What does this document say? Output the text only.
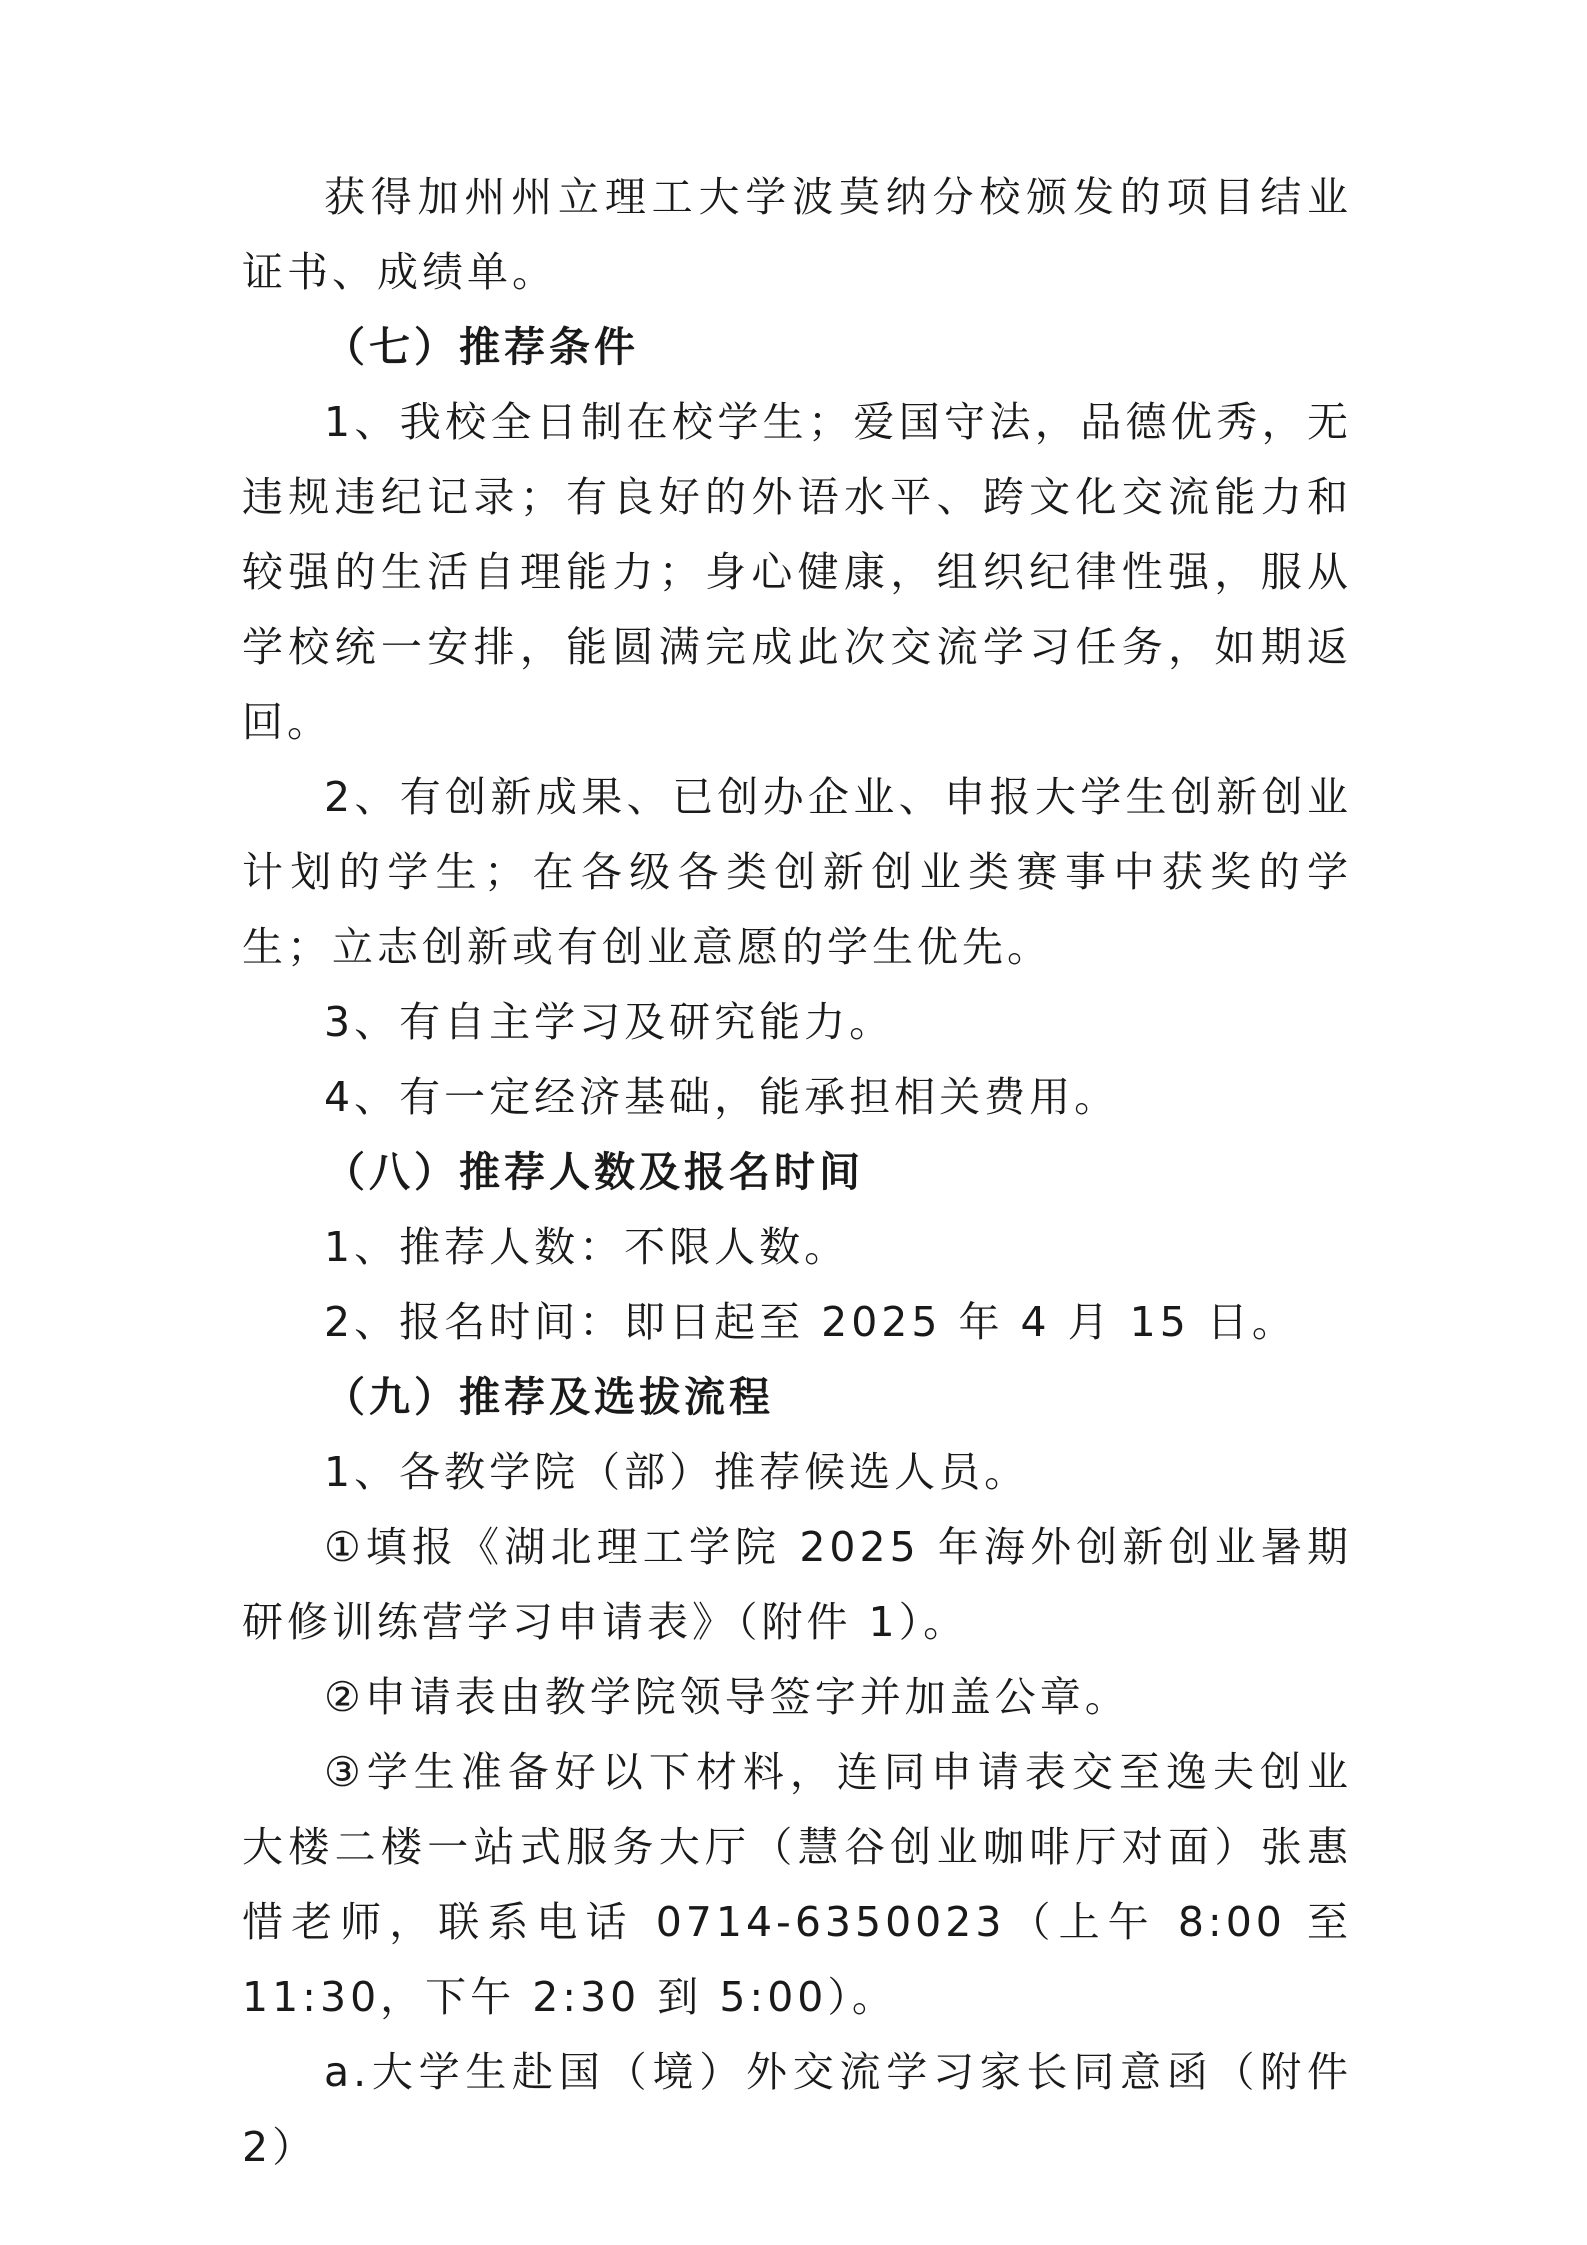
获得加州州立理工大学波莫纳分校颁发的项目结业证书、成绩单。

（七）推荐条件

1、我校全日制在校学生；爱国守法，品德优秀，无违规违纪记录；有良好的外语水平、跨文化交流能力和较强的生活自理能力；身心健康，组织纪律性强，服从学校统一安排，能圆满完成此次交流学习任务，如期返回。

2、有创新成果、已创办企业、申报大学生创新创业计划的学生；在各级各类创新创业类赛事中获奖的学生；立志创新或有创业意愿的学生优先。

3、有自主学习及研究能力。

4、有一定经济基础，能承担相关费用。

（八）推荐人数及报名时间

1、推荐人数：不限人数。

2、报名时间：即日起至 2025 年 4 月 15 日。

（九）推荐及选拔流程

1、各教学院（部）推荐候选人员。

①填报《湖北理工学院 2025 年海外创新创业暑期研修训练营学习申请表》（附件 1）。

②申请表由教学院领导签字并加盖公章。

③学生准备好以下材料，连同申请表交至逸夫创业大楼二楼一站式服务大厅（慧谷创业咖啡厅对面）张惠惜老师，联系电话 0714-6350023（上午 8:00 至 11:30，下午 2:30 到 5:00）。

a.大学生赴国（境）外交流学习家长同意函（附件 2）
